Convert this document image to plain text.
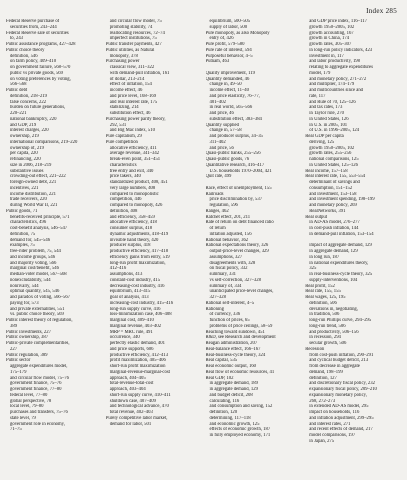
Index 285

Federal Reserve purchase of

securities from, 243–244

Federal Reserve sale of securities

to, 243

Public assistance programs, 427–428

Public choice theory

definition, 546

on farm policy, 409–410

on government failure, 568–570

public vs private goods, 569

on voting preferences by voting,

566–568

Public debt

definition, 218–219

false concerns, 222

burden on future generations,

220–221

national bankruptcy, 220

and GDP, 219

interest charges, 220

ownership, 219

international comparisons, 219–220

ownership of, 219

per capita, 220

refinancing, 220

size in 2006, 218–219

substantive issues

crowding-out effect, 221–222

foreign-owned debt, 221

incentives, 221

income distribution, 221

trade receivers, 220

during World War II, 221

Public goods, 71

benefits-received principle, 571

characteristics, 496

cost-benefit analysis, 546–547

definition, 75

demand for, 545–546

examples, 75

free-rider problem, 75, 544

and income groups, 546

and majority voting, 566

marginal cost/benefit, 546

median-voter model, 567–568

nonexcludability, 544

nonrivalry, 544

optimal quantity, 545, 546

and paradox of voting, 566–567

paying for, 573

and private externalities, 551

vs. public choice theory, 569

Public interest theory of regulation,

389

Public investments, 227

Public ownership, 387

Public-private complementarities,

227

Public regulation, 389

Public sector

aggregate expenditures model,

175–179

and circular flow model, 75–76

government finance, 75–76

government finance, 77–80

federal level, 77–80

global perspective, 78

local level, 79–80

purchases and transfers, 75–76

state level, 79

government role in economy,

71–75

and circular flow model, 75

promoting stability, 74

reallocating resources, 72–74

imperfect institutions, 75

Public transfer payments, 427

Public utilities, as Natural

monopoly, 378

Purchasing power

classical view, 311–322

with demand-pull inflation, 161

of dollar, 213–214

effect of inflation, 154

income effect, 46

and price level, 168–169

and real interest rate, 175

stabilizing, 214

substitution effect, 46

Purchasing power parity theory,

292, 531

and Big Mac index, 510

Pure capitalism, 29

Pure competition

allocative efficiency, 411

average revenue, 341–342

break-even point, 351–451

characteristics

free entry and exit, 340

price takers, 340

standardized product, 408, 451

very large numbers, 408

compared to monopolistic

competition, 446

compared to monopoly, 426

definition, 408

and efficiency, 358–459

allocative efficiency, 418

consumer surplus, 418

dynamic adjustments, 418–419

invisible hand theory, 420

producer surplus, 418

productive efficiency, 417–418

efficiency gains from entry, 519

long-run profit maximization,

412–416

assumptions, 413

constant-cost industry, 415

decreasing-cost industry, 416

equilibrium, 413–415

goal of analysis, 413

increasing-cost industry, 415–416

long-run supply curve, 416

loss-minimization case, 406–408

marginal cost, 409–410

marginal revenue, 403–402

MRP = MRC rule, 491

occurrence, 340

perfectly elastic demand, 401

and price supports, 606

productive efficiency, 412–413

profit maximization, 405–406

short-run profit maximization

marginal-revenue-marginal-cost

approach, 404–405

total-revenue-total-cost

approach, 403–404

short-run supply curve, 410–411

shutdown case, 407–409

and technological advance, 470

total revenue, 402–403

Purely competitive labor market,

demand for labor, 501

equilibrium, 500–505

supply of labor, 500

Pure monopoly, as also Monopoly

entry of, 426

Pure profit, 579–580

Pure rate of interest, 594

Purposeful behavior, 4–5

Putnam, 463

Quality improvement, 119

Quantity demanded, 46

change in, 49–50

income effect, 11–40

and price elasticity, 76–77,

401–402

in real world, 565–566

and price, 46

substitution effect, 383–384

Quantity supplied

change in, 57–58

and producer surplus, 34–35

311–402

and price, 56

Quasi-public banks, 255–256

Quasi-public goods, 76

Quantitative research, 416–417

U.S. households 1970–2004, 421

Quit rate, 499

Race, effect of unemployment, 155

Railroads

price discrimination by, 537

regulation, 596

Ranges, 462

Ratchet effect, 201, 211

Rate of return on debt financed ratio

of return

inflation adjusted, 156

Rational behavior, 362

Rational expectations theory, 326

output-price-level changes, 329

assumptions, 327

disagreements with, 328

on fiscal policy, 332

summary, 331

vs self-correction, 327–328

summary of, 334

unanticipated price-level changes,

327–328

Rational self-interest, 4–5

Rationing

of currency, 336

function of prices, 65

problems of price ceilings, 58–59

Reaching toward sundown, 451

R&D, see Research and development

Reagan administration, 207

Real-balance effect, 166–167

Real-business-cycle theory, 324

Real capital, 535

Real economic output, 160

Real flow of economic resources, 41

Real GDP, 102

in aggregate demand, 189

in aggregate demand, 129

and budget deficit, 208

calculating, 116

and consumption and saving, 152

definition, 120

determining, 117–118

and economic growth, 125

effects of economic growth, 187

in fully employed economy, 171

and GDP price index, 116–117

growth 1950–2005, 102

growth accounting, 167

growth in China, 174

growth rates, 305–307

in long-run policy indicators, 423

investment in, 117

and labor productivity, 198

relating to aggregate expenditures

model, 179

and monetary policy, 271–272

and multiplier, 174–179

and multicountries since and

rate, 117

and Rule of 70, 125–126

and tax rates, 173

in Taylor rule, 270

in United States, 126

in U.S. in 2005, 101

of U.S. in 1996–2005, 124

Real GDP per capita

deriving, 125

growth 1950–2005, 102

growth rates, 255–256

national comparisons, 125

in United States, 125–126

Real income, 157–158

Real interest rate, 155, 553–554

determinant of savings and

consumption, 151–152

and investment, 153–158

and investment spending, 198–199

and monetary policy, 269

RealNetworks, 391

Real output

in AD-AS model, 276–277

in cost-push inflation, 144

in demand-pull inflation, 153–154

impact of aggregate demand, 129

in aggregate demand, 129

in long run, 187

in national expenditures theory,

325

in real-business-cycle theory, 325

supply-interventions, 104

Real profit, 152

Real rate, 155, 155

Real wages, 125, 195

definition, 506

deviations in, negotiating,

in tradition, 506

long-run Phillips curve, 294–295

long-run trend, 506

and productivity, 506–156

in recession, 294

secular growth, 506

Recession

from cost-push inflation, 290–291

and cyclical budget deficit, 213

from decrease in aggregate

demand, 198–199

definition, 127

and discretionary fiscal policy, 232

expansionary fiscal policy, 209–210

expansionary monetary policy,

268, 272–273

in extended AD-AS model, 295

impact on households, 116

and inflation adjustment, 299–295

and interest rates, 271

and recent effects of demand, 217

model comparisons, 197

in Japan, 275
